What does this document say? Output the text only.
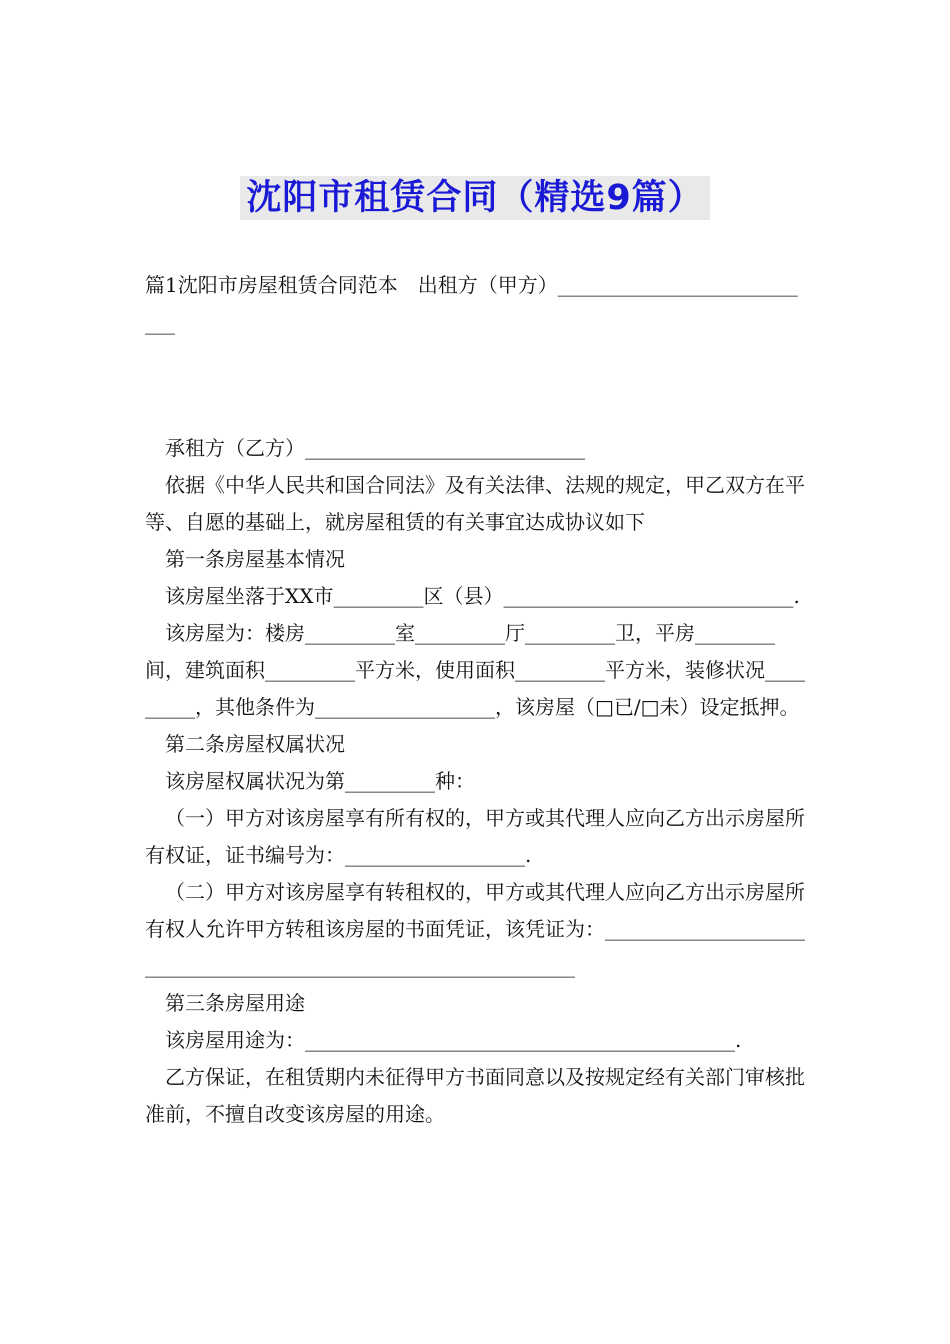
沈阳市租赁合同（精选9篇）

篇1沈阳市房屋租赁合同范本　出租方（甲方）___________________________

承租方（乙方）____________________________

依据《中华人民共和国合同法》及有关法律、法规的规定，甲乙双方在平等、自愿的基础上，就房屋租赁的有关事宜达成协议如下

第一条房屋基本情况

该房屋坐落于XX市_________区（县）_____________________________.

该房屋为：楼房_________室_________厅_________卫，平房________间，建筑面积_________平方米，使用面积_________平方米，装修状况_________，其他条件为__________________，该房屋（□已/□未）设定抵押。

第二条房屋权属状况

该房屋权属状况为第_________种：

（一）甲方对该房屋享有所有权的，甲方或其代理人应向乙方出示房屋所有权证，证书编号为：__________________.

（二）甲方对该房屋享有转租权的，甲方或其代理人应向乙方出示房屋所有权人允许甲方转租该房屋的书面凭证，该凭证为：_______________________________________________________________

第三条房屋用途

该房屋用途为：___________________________________________.

乙方保证，在租赁期内未征得甲方书面同意以及按规定经有关部门审核批准前，不擅自改变该房屋的用途。
